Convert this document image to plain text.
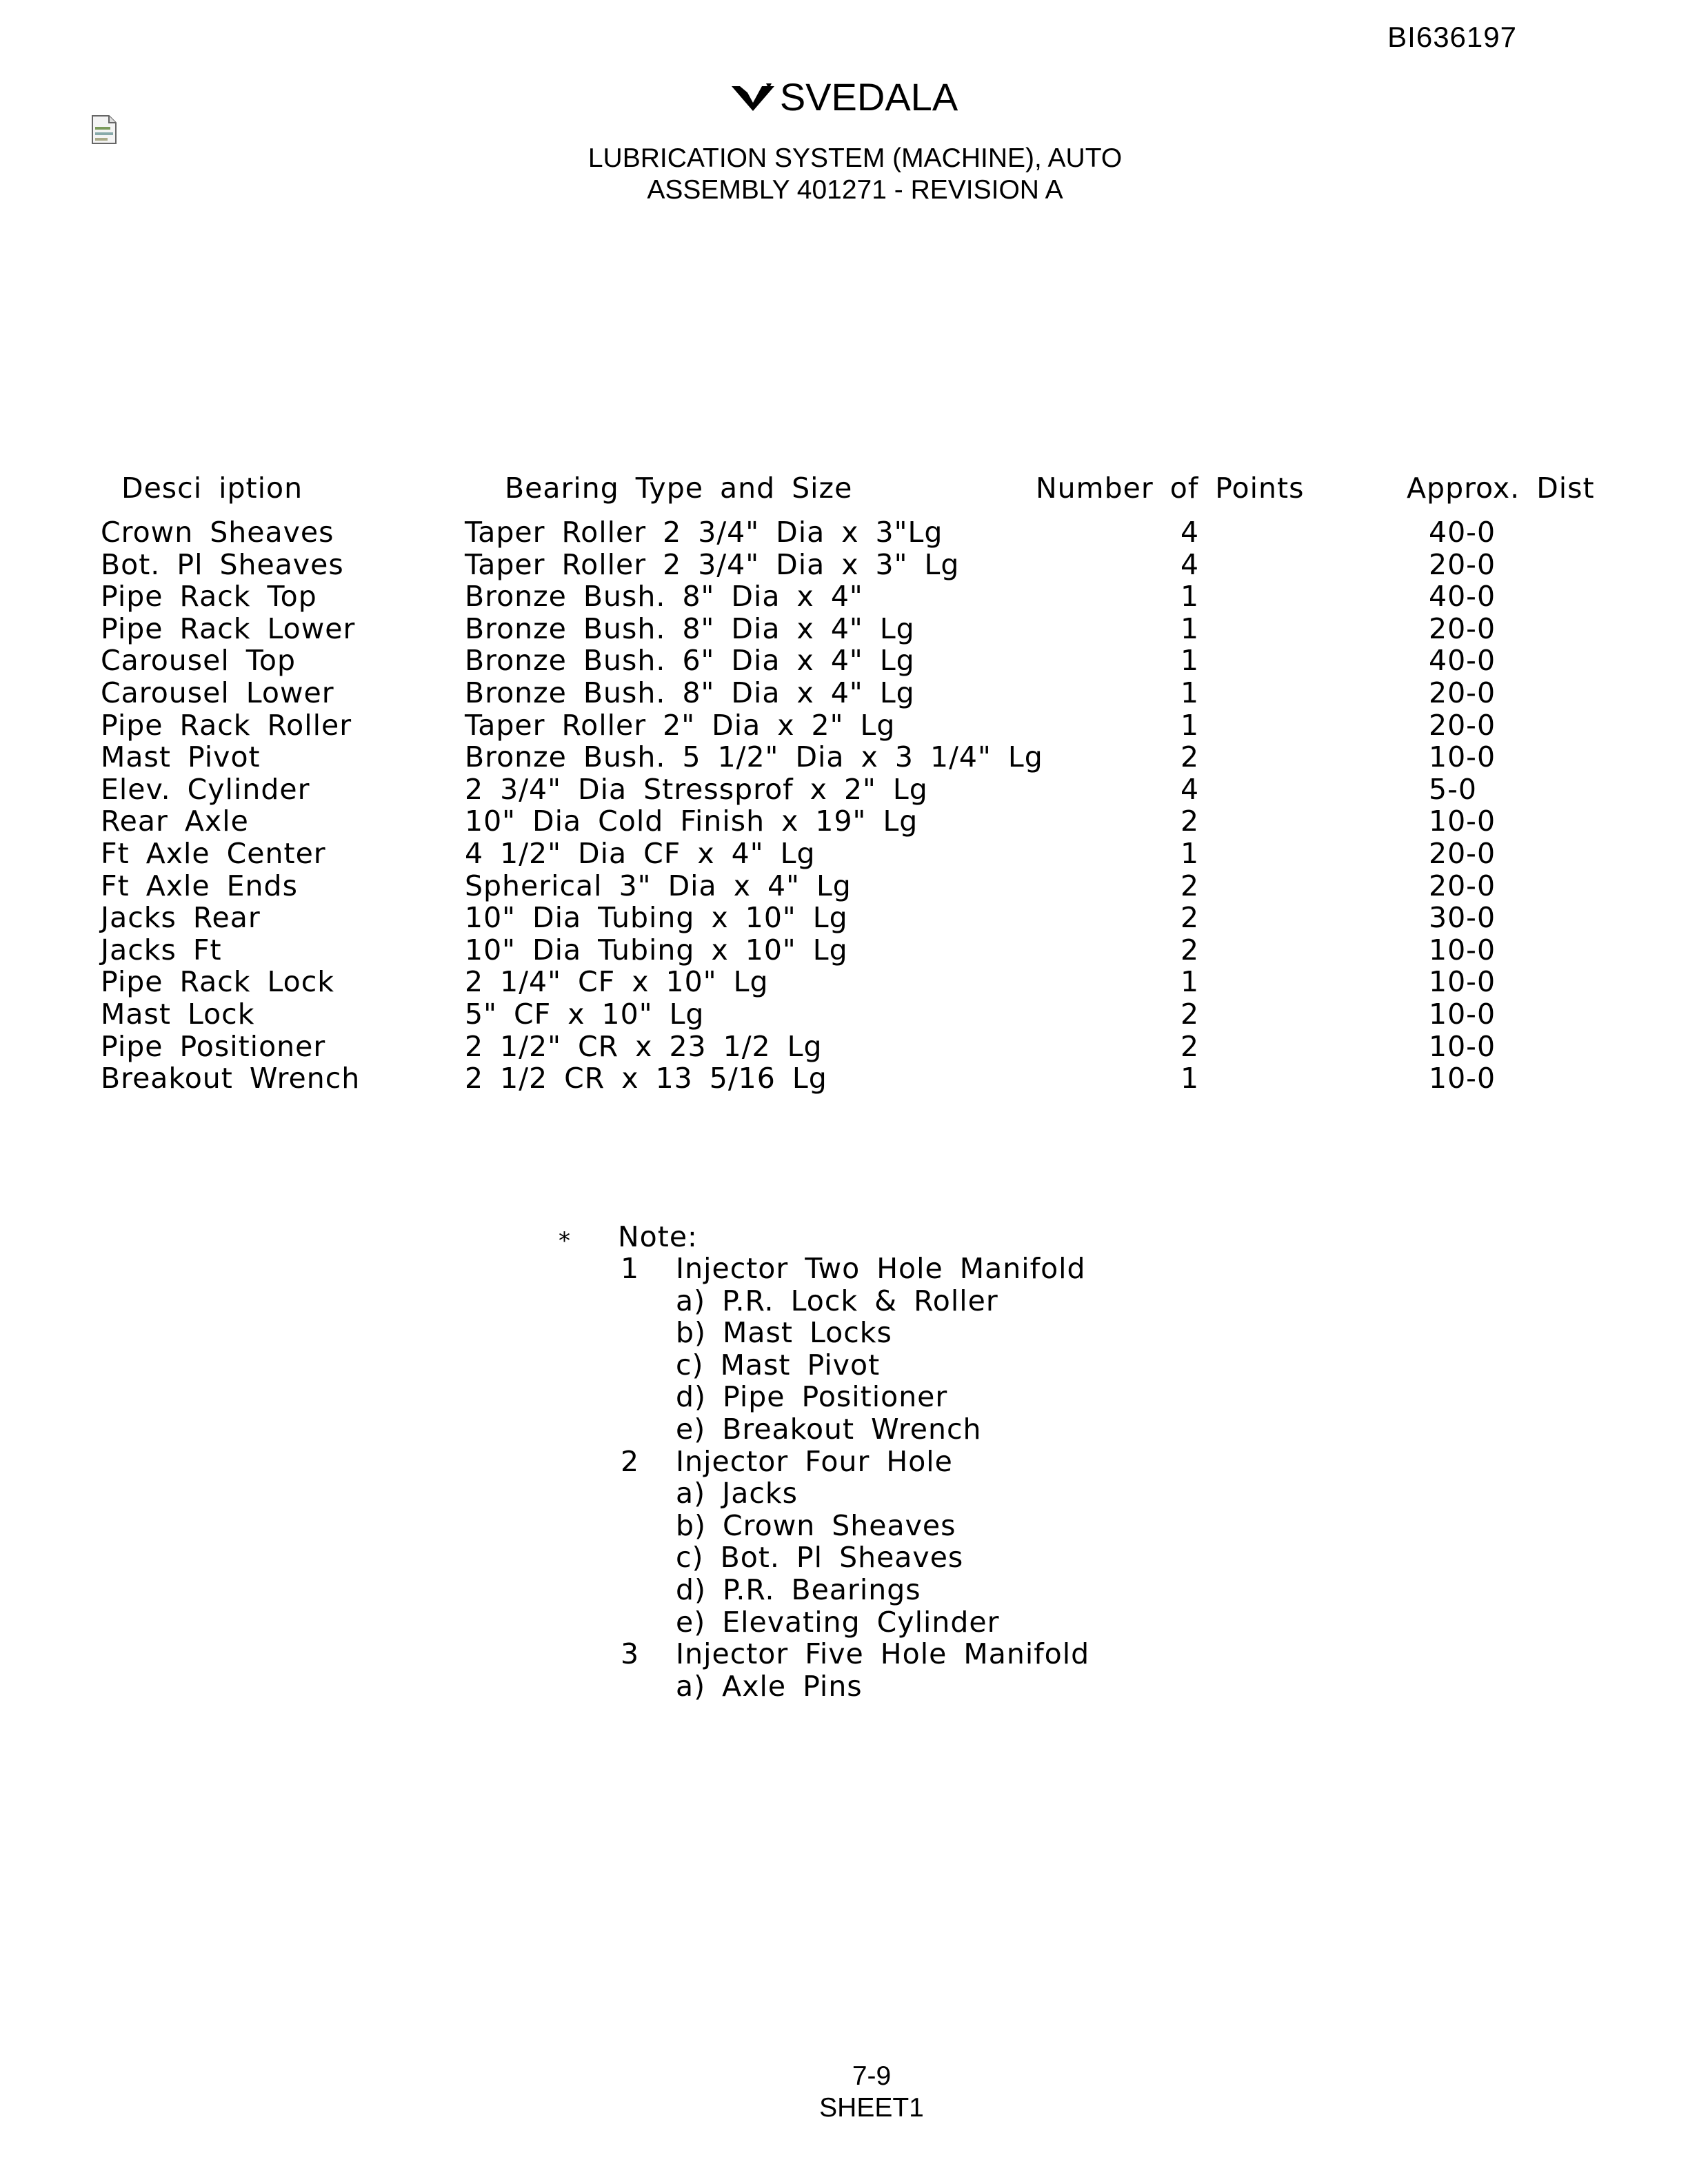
BI636197
SVEDALA
LUBRICATION SYSTEM (MACHINE), AUTO
ASSEMBLY 401271 - REVISION A
Desci iption	Bearing Type and Size	Number of Points	Approx. Dist
Crown Sheaves	Taper Roller 2 3/4" Dia x 3"Lg	4	40-0
Bot. Pl Sheaves	Taper Roller 2 3/4" Dia x 3" Lg	4	20-0
Pipe Rack Top	Bronze Bush. 8" Dia x 4"	1	40-0
Pipe Rack Lower	Bronze Bush. 8" Dia x 4" Lg	1	20-0
Carousel Top	Bronze Bush. 6" Dia x 4" Lg	1	40-0
Carousel Lower	Bronze Bush. 8" Dia x 4" Lg	1	20-0
Pipe Rack Roller	Taper Roller 2" Dia x 2" Lg	1	20-0
Mast Pivot	Bronze Bush. 5 1/2" Dia x 3 1/4" Lg	2	10-0
Elev. Cylinder	2 3/4" Dia Stressprof x 2" Lg	4	5-0
Rear Axle	10" Dia Cold Finish x 19" Lg	2	10-0
Ft Axle Center	4 1/2" Dia CF x 4" Lg	1	20-0
Ft Axle Ends	Spherical 3" Dia x 4" Lg	2	20-0
Jacks Rear	10" Dia Tubing x 10" Lg	2	30-0
Jacks Ft	10" Dia Tubing x 10" Lg	2	10-0
Pipe Rack Lock	2 1/4" CF x 10" Lg	1	10-0
Mast Lock	5" CF x 10" Lg	2	10-0
Pipe Positioner	2 1/2" CR x 23 1/2 Lg	2	10-0
Breakout Wrench	2 1/2 CR x 13 5/16 Lg	1	10-0
* Note:
1 Injector Two Hole Manifold
a) P.R. Lock & Roller
b) Mast Locks
c) Mast Pivot
d) Pipe Positioner
e) Breakout Wrench
2 Injector Four Hole
a) Jacks
b) Crown Sheaves
c) Bot. Pl Sheaves
d) P.R. Bearings
e) Elevating Cylinder
3 Injector Five Hole Manifold
a) Axle Pins
7-9
SHEET1
